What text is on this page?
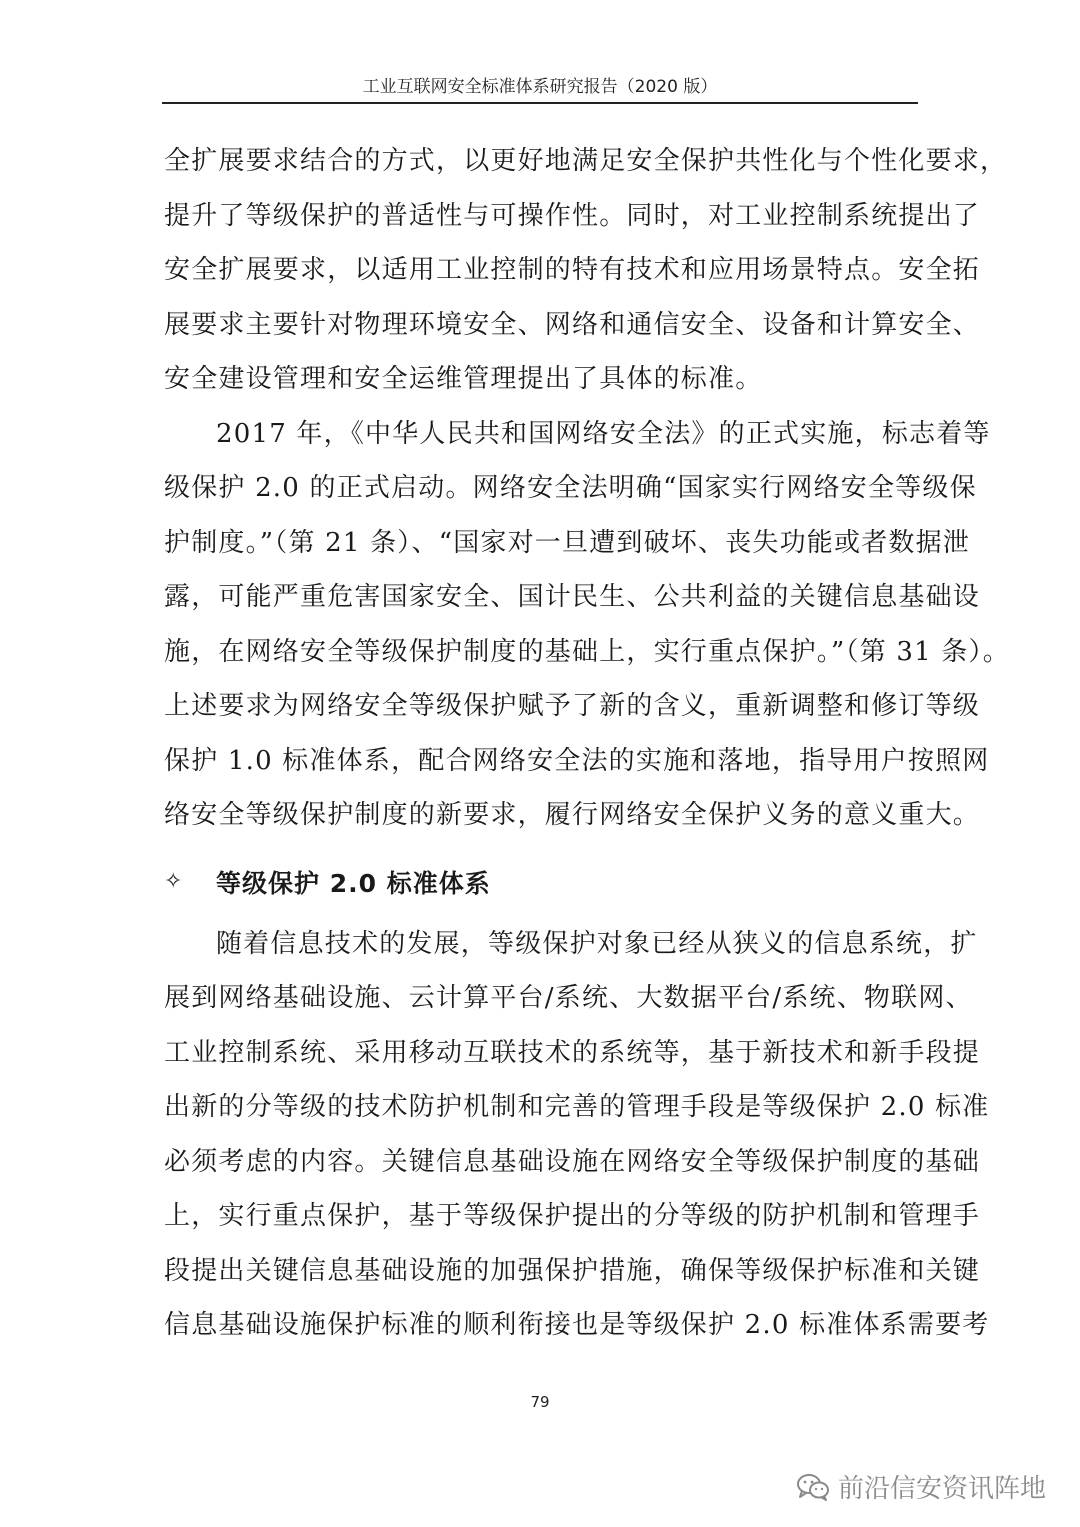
工业互联网安全标准体系研究报告（2020 版）

全扩展要求结合的方式，以更好地满足安全保护共性化与个性化要求，
提升了等级保护的普适性与可操作性。同时，对工业控制系统提出了
安全扩展要求，以适用工业控制的特有技术和应用场景特点。安全拓
展要求主要针对物理环境安全、网络和通信安全、设备和计算安全、
安全建设管理和安全运维管理提出了具体的标准。

2017 年，《中华人民共和国网络安全法》的正式实施，标志着等
级保护 2.0 的正式启动。网络安全法明确“国家实行网络安全等级保
护制度。”（第 21 条）、“国家对一旦遭到破坏、丧失功能或者数据泄
露，可能严重危害国家安全、国计民生、公共利益的关键信息基础设
施，在网络安全等级保护制度的基础上，实行重点保护。”（第 31 条）。
上述要求为网络安全等级保护赋予了新的含义，重新调整和修订等级
保护 1.0 标准体系，配合网络安全法的实施和落地，指导用户按照网
络安全等级保护制度的新要求，履行网络安全保护义务的意义重大。

✧	等级保护 2.0 标准体系

随着信息技术的发展，等级保护对象已经从狭义的信息系统，扩
展到网络基础设施、云计算平台/系统、大数据平台/系统、物联网、
工业控制系统、采用移动互联技术的系统等，基于新技术和新手段提
出新的分等级的技术防护机制和完善的管理手段是等级保护 2.0 标准
必须考虑的内容。关键信息基础设施在网络安全等级保护制度的基础
上，实行重点保护，基于等级保护提出的分等级的防护机制和管理手
段提出关键信息基础设施的加强保护措施，确保等级保护标准和关键
信息基础设施保护标准的顺利衔接也是等级保护 2.0 标准体系需要考

79
前沿信安资讯阵地
